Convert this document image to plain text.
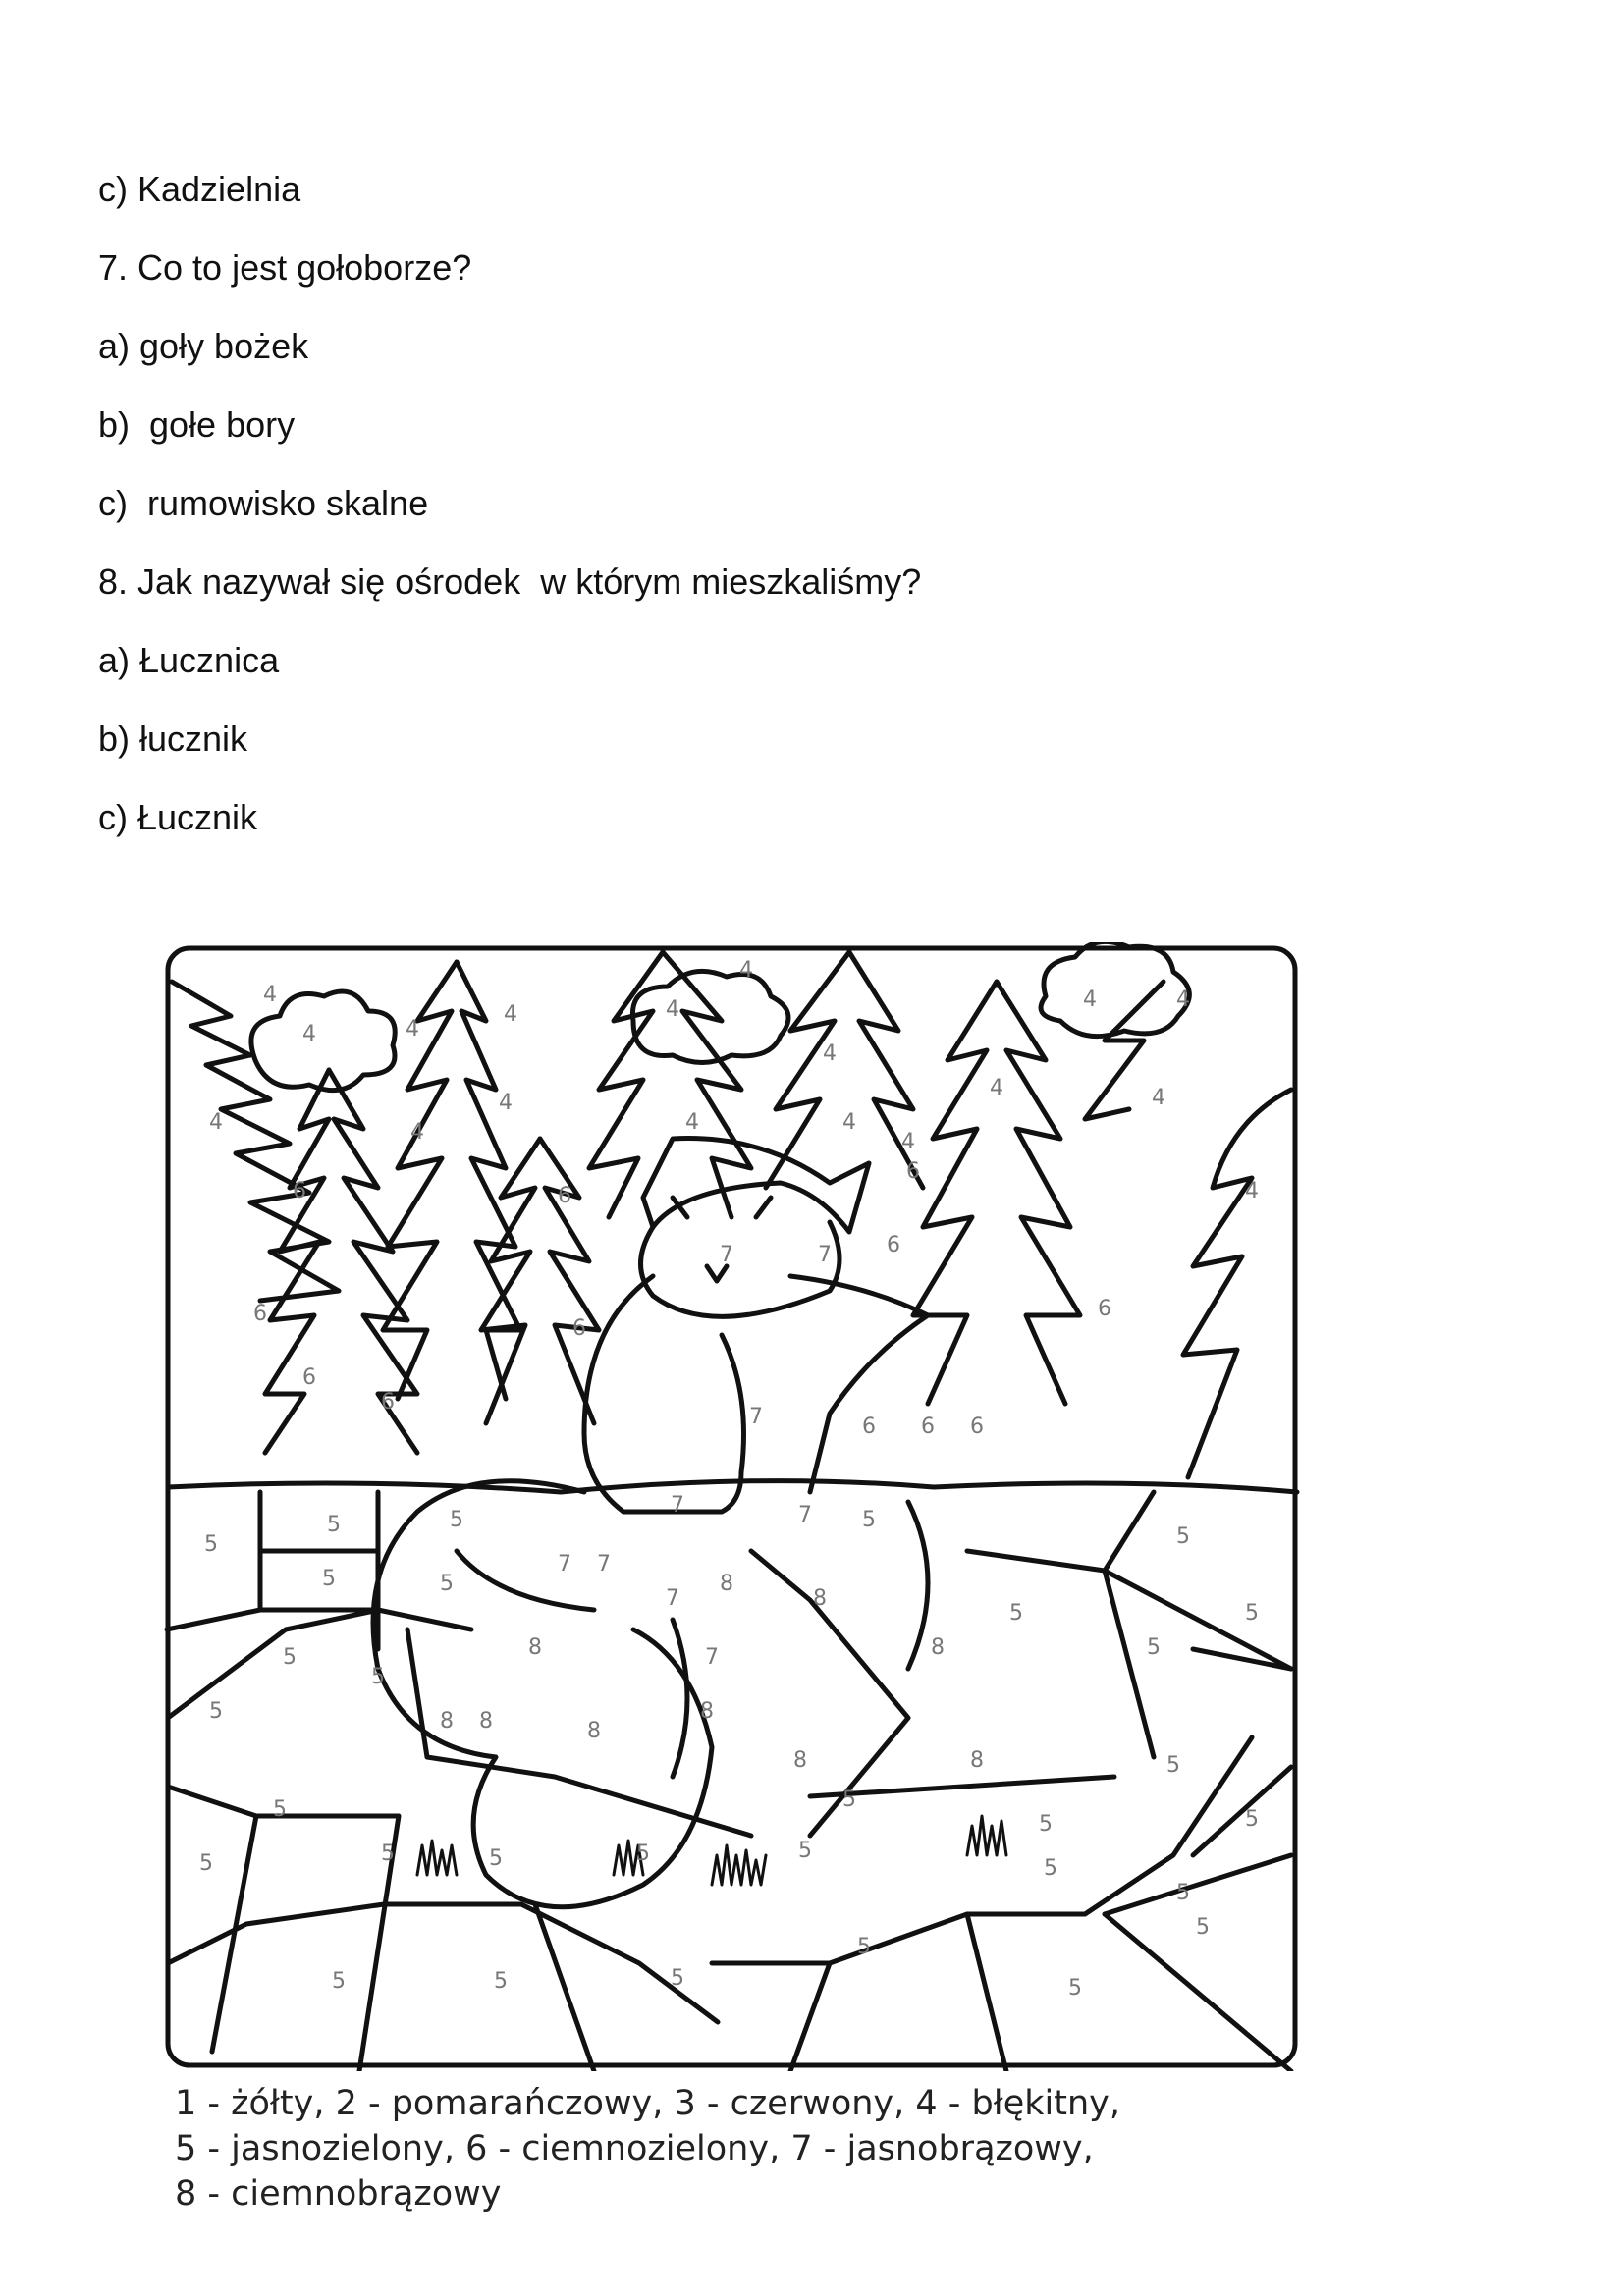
c) Kadzielnia
7. Co to jest gołoborze?
a) goły bożek
b)  gołe bory
c)  rumowisko skalne
8. Jak nazywał się ośrodek  w którym mieszkaliśmy?
a) Łucznica
b) łucznik
c) Łucznik
4
4	4
4	4
4
4
4
4	4
4
4
4
4
4	4
4
4
6
6
6
6
6
6
6
6
6 6 6
6
7	7
7
7	7
7 7
7
7
8
8
8	8
8
8 8	8
8	8
5	5
5
5	5
5
5
5	5
5
5
5
5
5
5	5
5
5
5	5	5	5
5
5
5
5	5	5	5
5
5
1 - żółty, 2 - pomarańczowy, 3 - czerwony, 4 - błękitny,
5 - jasnozielony, 6 - ciemnozielony, 7 - jasnobrązowy,
8 - ciemnobrązowy
